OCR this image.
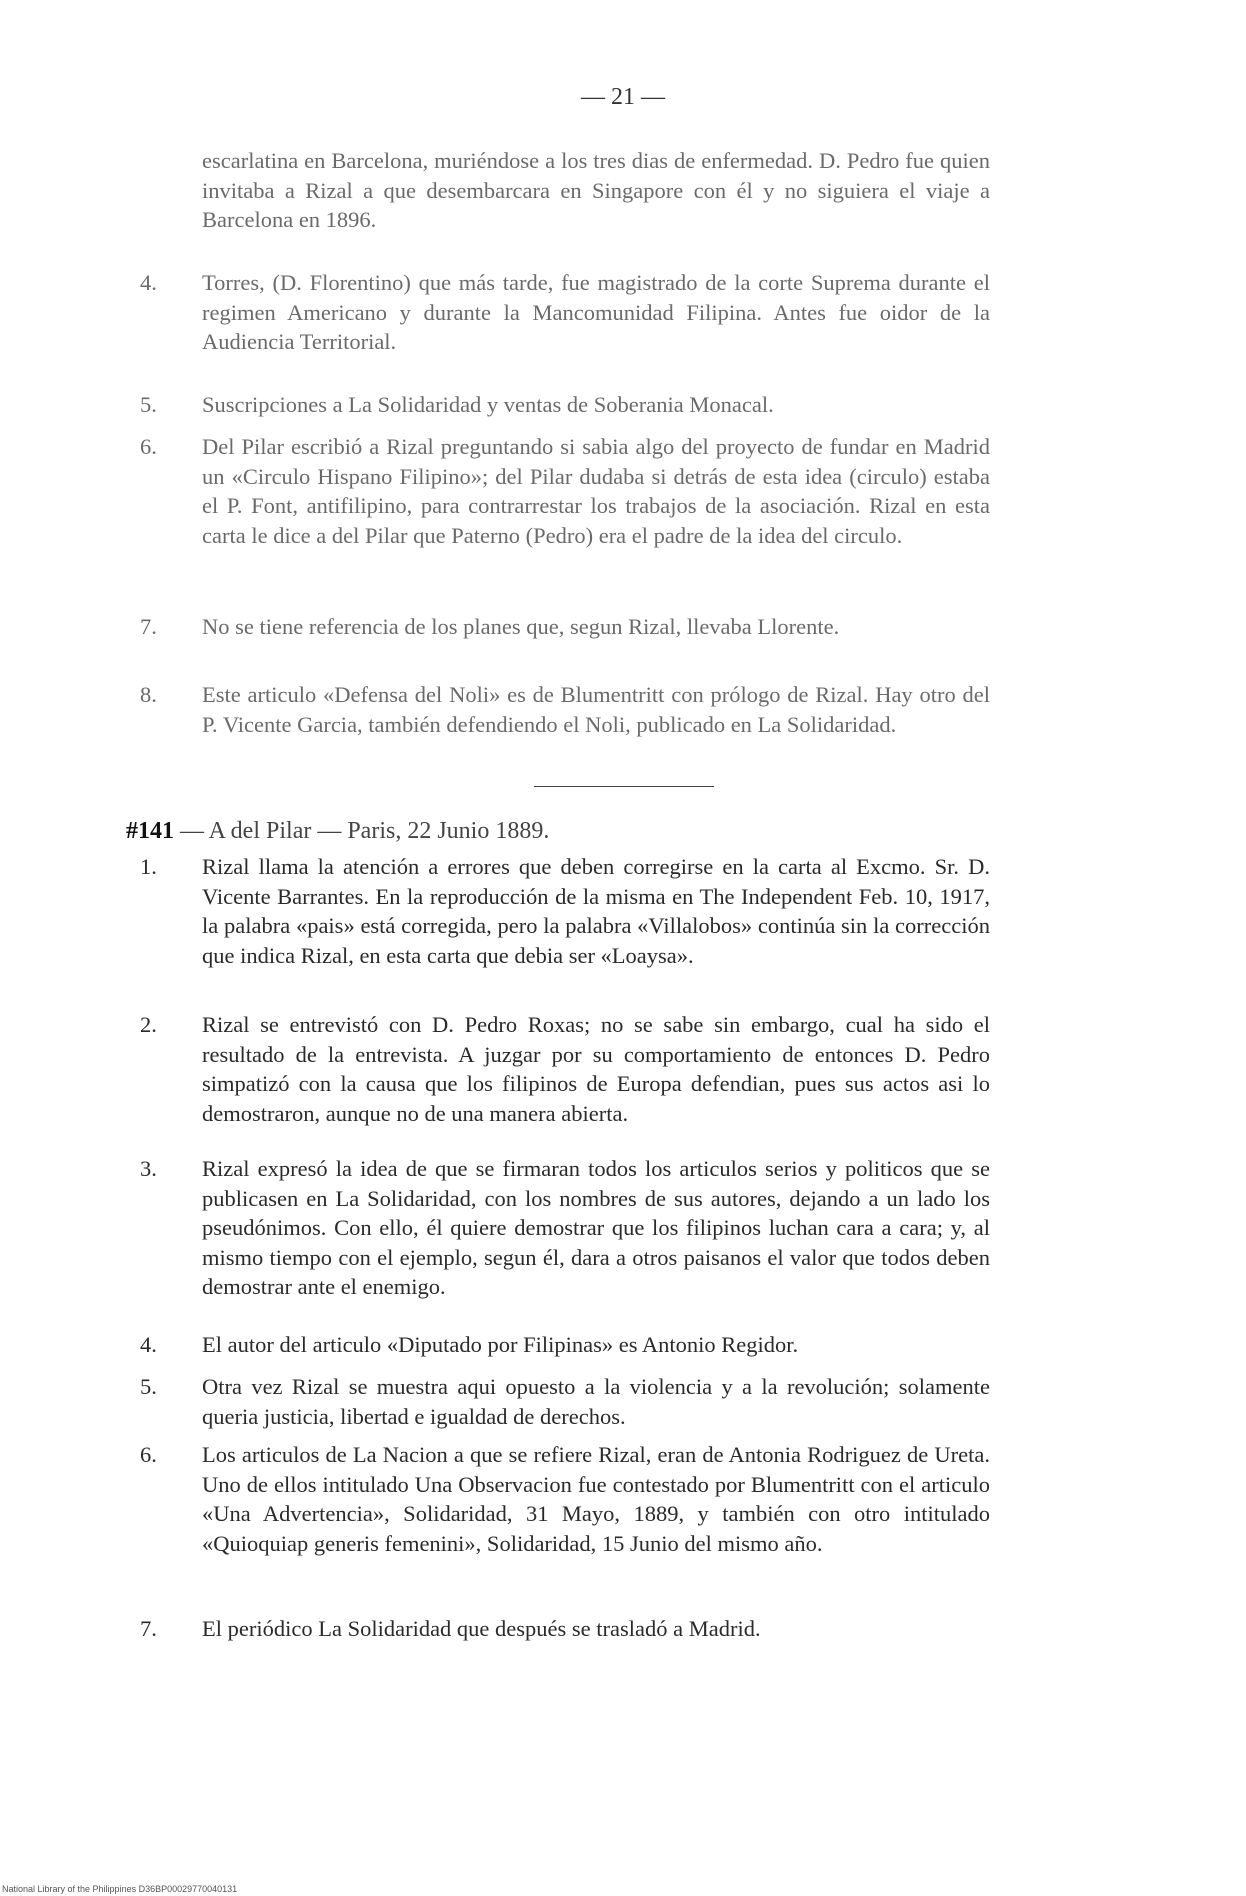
— 21 —
escarlatina en Barcelona, muriéndose a los tres dias de enfermedad. D. Pedro fue quien invitaba a Rizal a que desembarcara en Singapore con él y no siguiera el viaje a Barcelona en 1896.
4. Torres, (D. Florentino) que más tarde, fue magistrado de la corte Suprema durante el regimen Americano y durante la Mancomunidad Filipina. Antes fue oidor de la Audiencia Territorial.
5. Suscripciones a La Solidaridad y ventas de Soberania Monacal.
6. Del Pilar escribió a Rizal preguntando si sabia algo del proyecto de fundar en Madrid un «Circulo Hispano Filipino»; del Pilar dudaba si detrás de esta idea (circulo) estaba el P. Font, antifilipino, para contrarrestar los trabajos de la asociación. Rizal en esta carta le dice a del Pilar que Paterno (Pedro) era el padre de la idea del circulo.
7. No se tiene referencia de los planes que, segun Rizal, llevaba Llorente.
8. Este articulo «Defensa del Noli» es de Blumentritt con prólogo de Rizal. Hay otro del P. Vicente Garcia, también defendiendo el Noli, publicado en La Solidaridad.
#141 — A del Pilar — Paris, 22 Junio 1889.
1. Rizal llama la atención a errores que deben corregirse en la carta al Excmo. Sr. D. Vicente Barrantes. En la reproducción de la misma en The Independent Feb. 10, 1917, la palabra «pais» está corregida, pero la palabra «Villalobos» continúa sin la corrección que indica Rizal, en esta carta que debia ser «Loaysa».
2. Rizal se entrevistó con D. Pedro Roxas; no se sabe sin embargo, cual ha sido el resultado de la entrevista. A juzgar por su comportamiento de entonces D. Pedro simpatizó con la causa que los filipinos de Europa defendian, pues sus actos asi lo demostraron, aunque no de una manera abierta.
3. Rizal expresó la idea de que se firmaran todos los articulos serios y politicos que se publicasen en La Solidaridad, con los nombres de sus autores, dejando a un lado los pseudónimos. Con ello, él quiere demostrar que los filipinos luchan cara a cara; y, al mismo tiempo con el ejemplo, segun él, dara a otros paisanos el valor que todos deben demostrar ante el enemigo.
4. El autor del articulo «Diputado por Filipinas» es Antonio Regidor.
5. Otra vez Rizal se muestra aqui opuesto a la violencia y a la revolución; solamente queria justicia, libertad e igualdad de derechos.
6. Los articulos de La Nacion a que se refiere Rizal, eran de Antonia Rodriguez de Ureta. Uno de ellos intitulado Una Observacion fue contestado por Blumentritt con el articulo «Una Advertencia», Solidaridad, 31 Mayo, 1889, y también con otro intitulado «Quioquiap generis femenini», Solidaridad, 15 Junio del mismo año.
7. El periódico La Solidaridad que después se trasladó a Madrid.
National Library of the Philippines D36BP00029770040131
